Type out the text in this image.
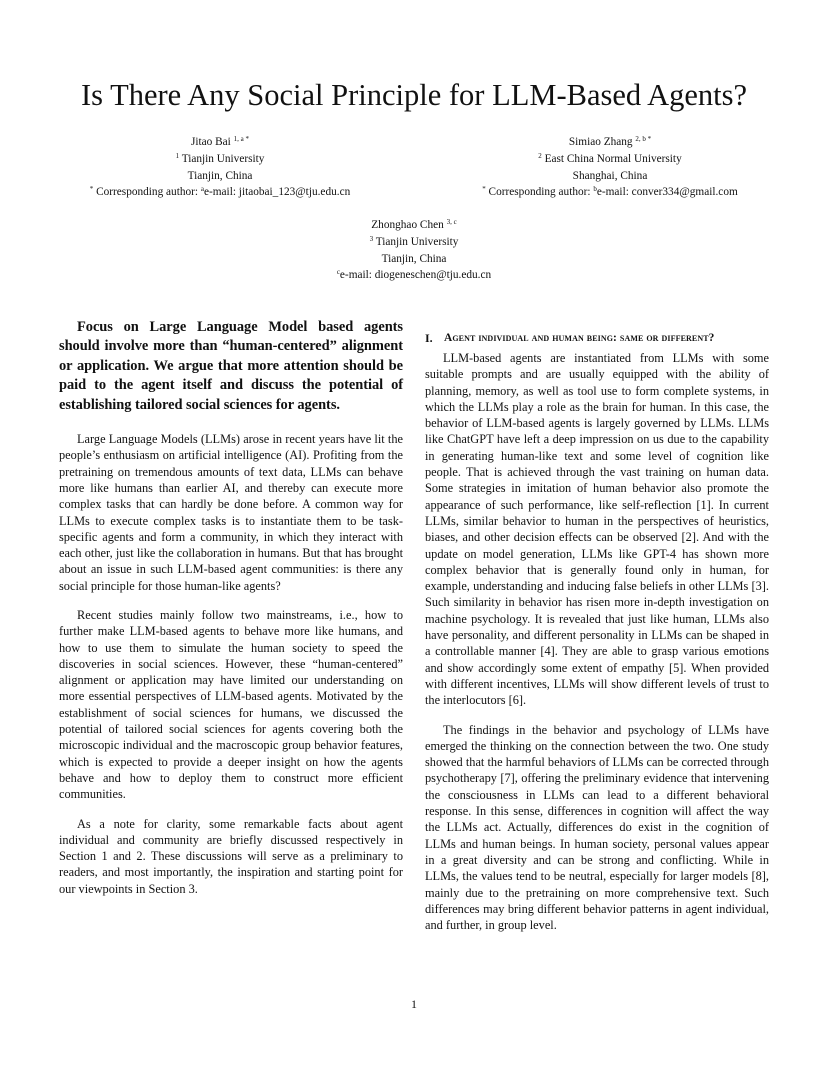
Is There Any Social Principle for LLM-Based Agents?
Jitao Bai $^{1, a *}$
$^1$ Tianjin University
Tianjin, China
* Corresponding author: $^a$e-mail: jitaobai_123@tju.edu.cn
Simiao Zhang $^{2, b *}$
$^2$ East China Normal University
Shanghai, China
* Corresponding author: $^b$e-mail: conver334@gmail.com
Zhonghao Chen $^{3, c}$
$^3$ Tianjin University
Tianjin, China
$^c$e-mail: diogeneschen@tju.edu.cn

Focus on Large Language Model based agents should involve more than “human-centered” alignment or application. We argue that more attention should be paid to the agent itself and discuss the potential of establishing tailored social sciences for agents.

Large Language Models (LLMs) arose in recent years have lit the people’s enthusiasm on artificial intelligence (AI). Profiting from the pretraining on tremendous amounts of text data, LLMs can behave more like humans than earlier AI, and thereby can execute more complex tasks that can hardly be done before. A common way for LLMs to execute complex tasks is to instantiate them to be task-specific agents and form a community, in which they interact with each other, just like the collaboration in humans. But that has brought about an issue in such LLM-based agent communities: is there any social principle for those human-like agents?

Recent studies mainly follow two mainstreams, i.e., how to further make LLM-based agents to behave more like humans, and how to use them to simulate the human society to speed the discoveries in social sciences. However, these “human-centered” alignment or application may have limited our understanding on more essential perspectives of LLM-based agents. Motivated by the establishment of social sciences for humans, we discussed the potential of tailored social sciences for agents covering both the microscopic individual and the macroscopic group behavior features, which is expected to provide a deeper insight on how the agents behave and how to deploy them to construct more efficient communities.

As a note for clarity, some remarkable facts about agent individual and community are briefly discussed respectively in Section 1 and 2. These discussions will serve as a preliminary to readers, and most importantly, the inspiration and starting point for our viewpoints in Section 3.

I. Agent individual and human being: same or different?

LLM-based agents are instantiated from LLMs with some suitable prompts and are usually equipped with the ability of planning, memory, as well as tool use to form complete systems, in which the LLMs play a role as the brain for human. In this case, the behavior of LLM-based agents is largely governed by LLMs. LLMs like ChatGPT have left a deep impression on us due to the capability in generating human-like text and some level of cognition like people. That is achieved through the vast training on human data. Some strategies in imitation of human behavior also promote the appearance of such performance, like self-reflection [1]. In current LLMs, similar behavior to human in the perspectives of heuristics, biases, and other decision effects can be observed [2]. And with the update on model generation, LLMs like GPT-4 has shown more complex behavior that is generally found only in human, for example, understanding and inducing false beliefs in other LLMs [3]. Such similarity in behavior has risen more in-depth investigation on machine psychology. It is revealed that just like human, LLMs also have personality, and different personality in LLMs can be shaped in a controllable manner [4]. They are able to grasp various emotions and show accordingly some extent of empathy [5]. When provided with different incentives, LLMs will show different levels of trust to the interlocutors [6].

The findings in the behavior and psychology of LLMs have emerged the thinking on the connection between the two. One study showed that the harmful behaviors of LLMs can be corrected through psychotherapy [7], offering the preliminary evidence that intervening the consciousness in LLMs can lead to a different behavioral response. In this sense, differences in cognition will affect the way the LLMs act. Actually, differences do exist in the cognition of LLMs and human beings. In human society, personal values appear in a great diversity and can be strong and conflicting. While in LLMs, the values tend to be neutral, especially for larger models [8], mainly due to the pretraining on more comprehensive text. Such differences may bring different behavior patterns in agent individual, and further, in group level.

1
